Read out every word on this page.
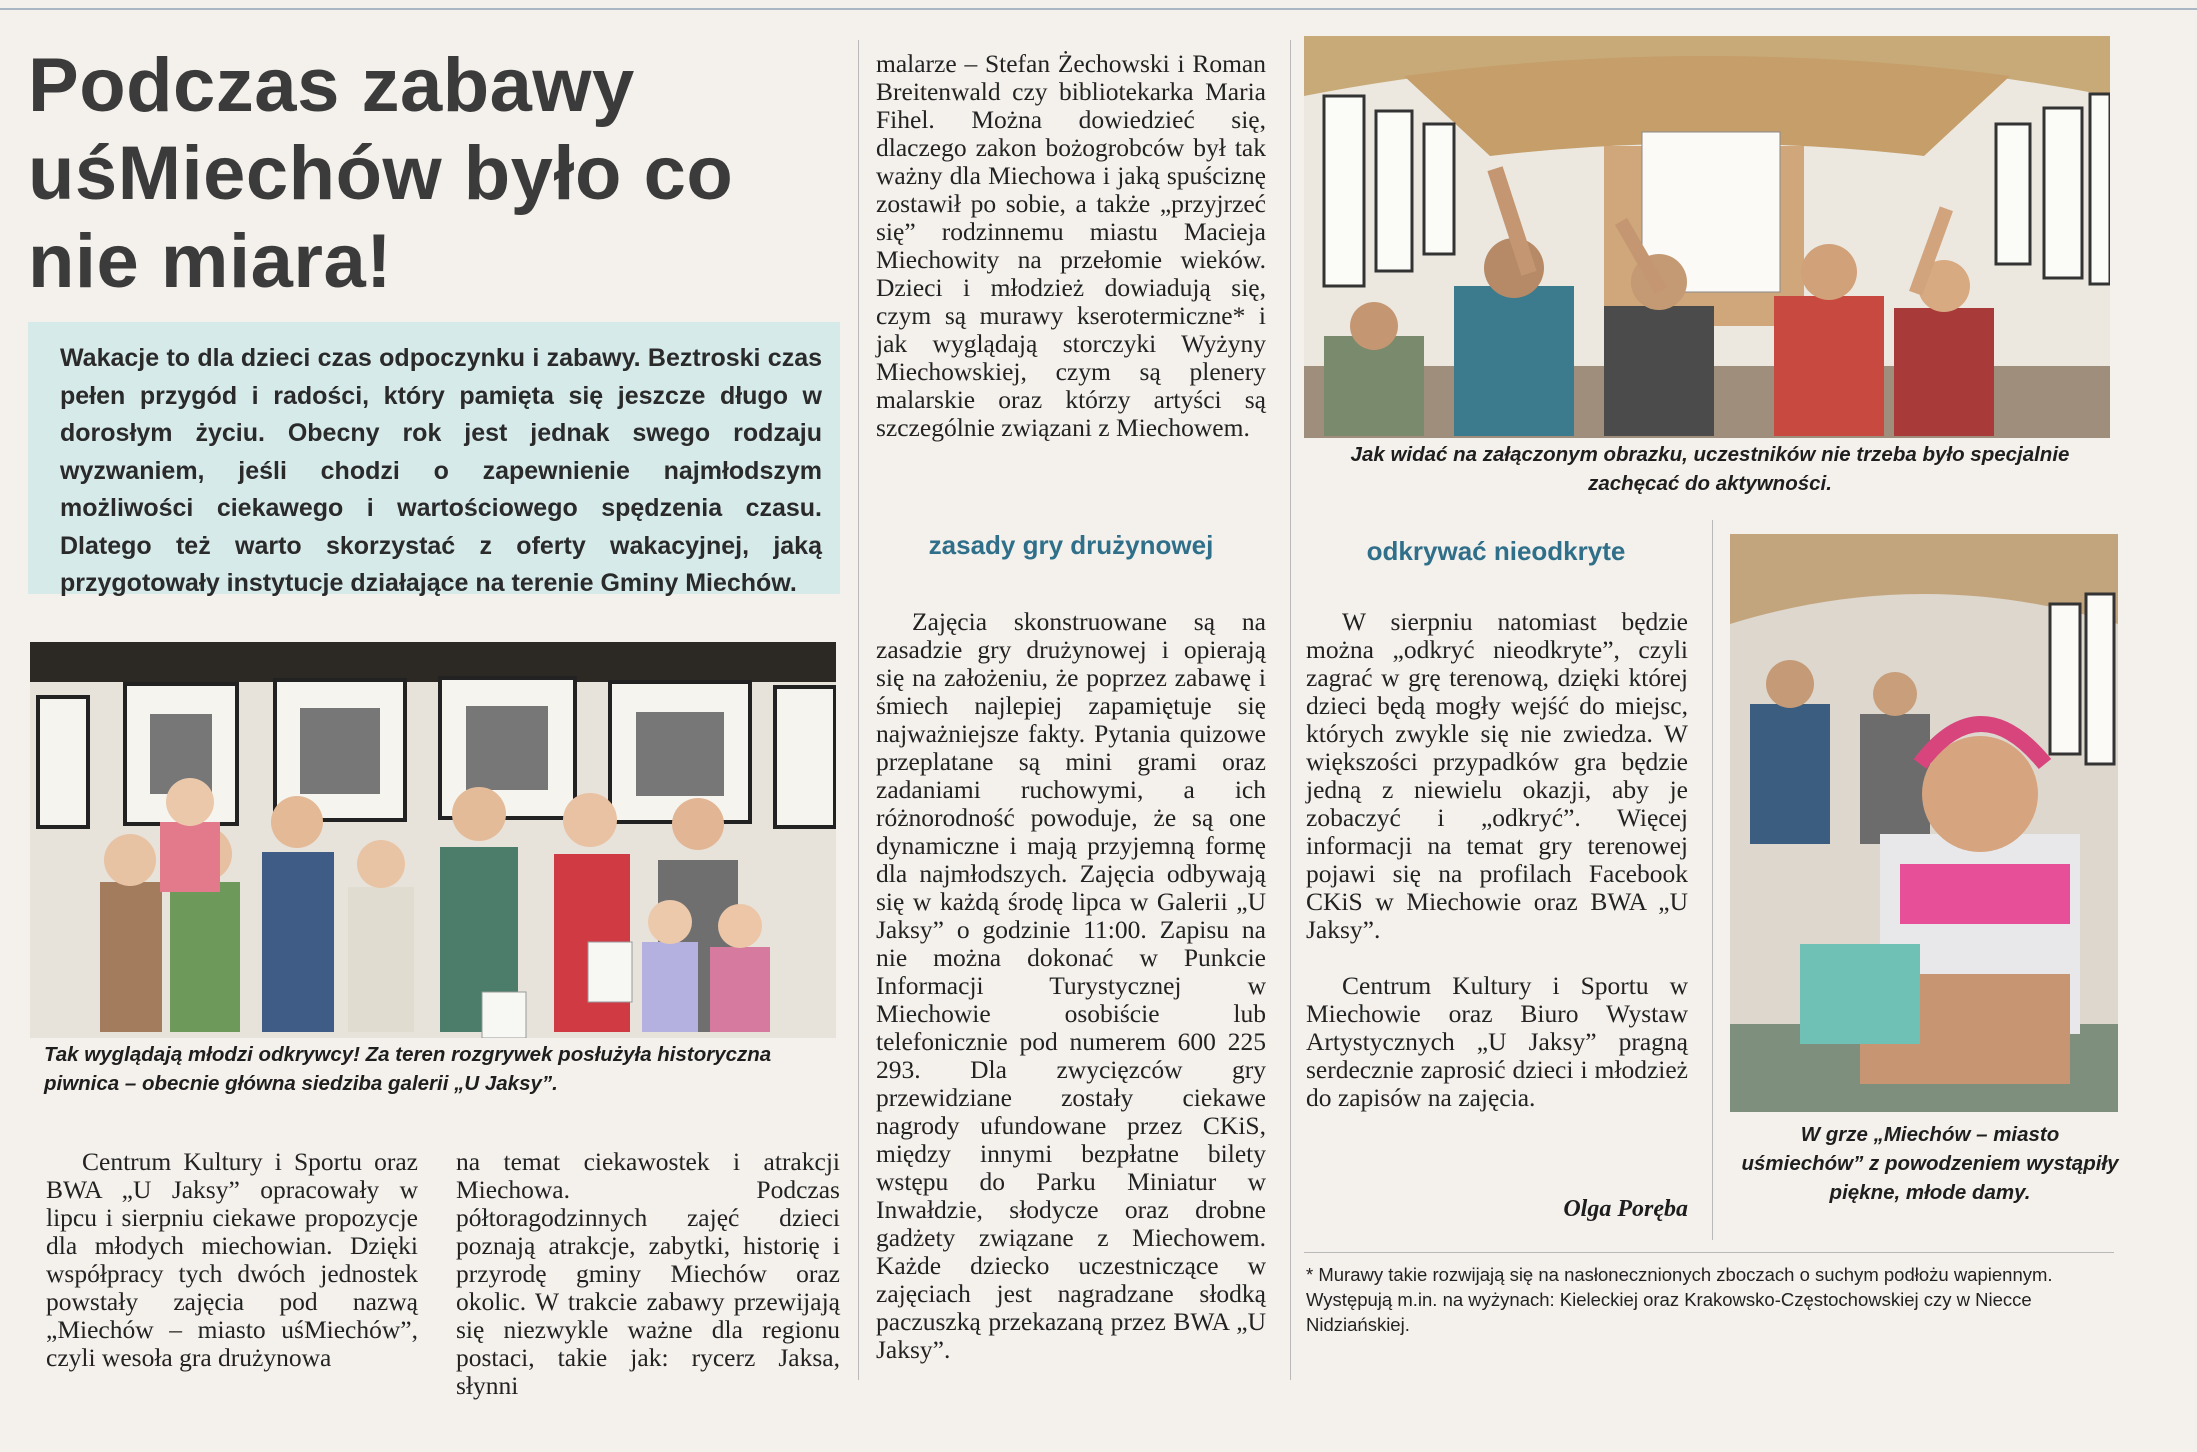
Podczas zabawy uśMiechów było co nie miara!
Wakacje to dla dzieci czas odpoczynku i zabawy. Beztroski czas pełen przygód i radości, który pamięta się jeszcze długo w dorosłym życiu. Obecny rok jest jednak swego rodzaju wyzwaniem, jeśli chodzi o zapewnienie najmłodszym możliwości ciekawego i wartościowego spędzenia czasu. Dlatego też warto skorzystać z oferty wakacyjnej, jaką przygotowały instytucje działające na terenie Gminy Miechów.
Tak wyglądają młodzi odkrywcy! Za teren rozgrywek posłużyła historyczna piwnica – obecnie główna siedziba galerii „U Jaksy”.

Centrum Kultury i Sportu oraz BWA „U Jaksy” opracowały w lipcu i sierpniu ciekawe propozycje dla młodych miechowian. Dzięki współpracy tych dwóch jednostek powstały zajęcia pod nazwą „Miechów – miasto uśMiechów”, czyli wesoła gra drużynowa

na temat ciekawostek i atrakcji Miechowa. Podczas półtoragodzinnych zajęć dzieci poznają atrakcje, zabytki, historię i przyrodę gminy Miechów oraz okolic. W trakcie zabawy przewijają się niezwykle ważne dla regionu postaci, takie jak: rycerz Jaksa, słynni

malarze – Stefan Żechowski i Roman Breitenwald czy bibliotekarka Maria Fihel. Można dowiedzieć się, dlaczego zakon bożogrobców był tak ważny dla Miechowa i jaką spuściznę zostawił po sobie, a także „przyjrzeć się” rodzinnemu miastu Macieja Miechowity na przełomie wieków. Dzieci i młodzież dowiadują się, czym są murawy kserotermiczne* i jak wyglądają storczyki Wyżyny Miechowskiej, czym są plenery malarskie oraz którzy artyści są szczególnie związani z Miechowem.

zasady gry drużynowej

Zajęcia skonstruowane są na zasadzie gry drużynowej i opierają się na założeniu, że poprzez zabawę i śmiech najlepiej zapamiętuje się najważniejsze fakty. Pytania quizowe przeplatane są mini grami oraz zadaniami ruchowymi, a ich różnorodność powoduje, że są one dynamiczne i mają przyjemną formę dla najmłodszych. Zajęcia odbywają się w każdą środę lipca w Galerii „U Jaksy” o godzinie 11:00. Zapisu na nie można dokonać w Punkcie Informacji Turystycznej w Miechowie osobiście lub telefonicznie pod numerem 600 225 293. Dla zwycięzców gry przewidziane zostały ciekawe nagrody ufundowane przez CKiS, między innymi bezpłatne bilety wstępu do Parku Miniatur w Inwałdzie, słodycze oraz drobne gadżety związane z Miechowem. Każde dziecko uczestniczące w zajęciach jest nagradzane słodką paczuszką przekazaną przez BWA „U Jaksy”.

Jak widać na załączonym obrazku, uczestników nie trzeba było specjalnie zachęcać do aktywności.
odkrywać nieodkryte

W sierpniu natomiast będzie można „odkryć nieodkryte”, czyli zagrać w grę terenową, dzięki której dzieci będą mogły wejść do miejsc, których zwykle się nie zwiedza. W większości przypadków gra będzie jedną z niewielu okazji, aby je zobaczyć i „odkryć”. Więcej informacji na temat gry terenowej pojawi się na profilach Facebook CKiS w Miechowie oraz BWA „U Jaksy”.

Centrum Kultury i Sportu w Miechowie oraz Biuro Wystaw Artystycznych „U Jaksy” pragną serdecznie zaprosić dzieci i młodzież do zapisów na zajęcia.

Olga Poręba
W grze „Miechów – miasto uśmiechów” z powodzeniem wystąpiły piękne, młode damy.
* Murawy takie rozwijają się na nasłonecznionych zboczach o suchym podłożu wapiennym. Występują m.in. na wyżynach: Kieleckiej oraz Krakowsko-Częstochowskiej czy w Niecce Nidziańskiej.
